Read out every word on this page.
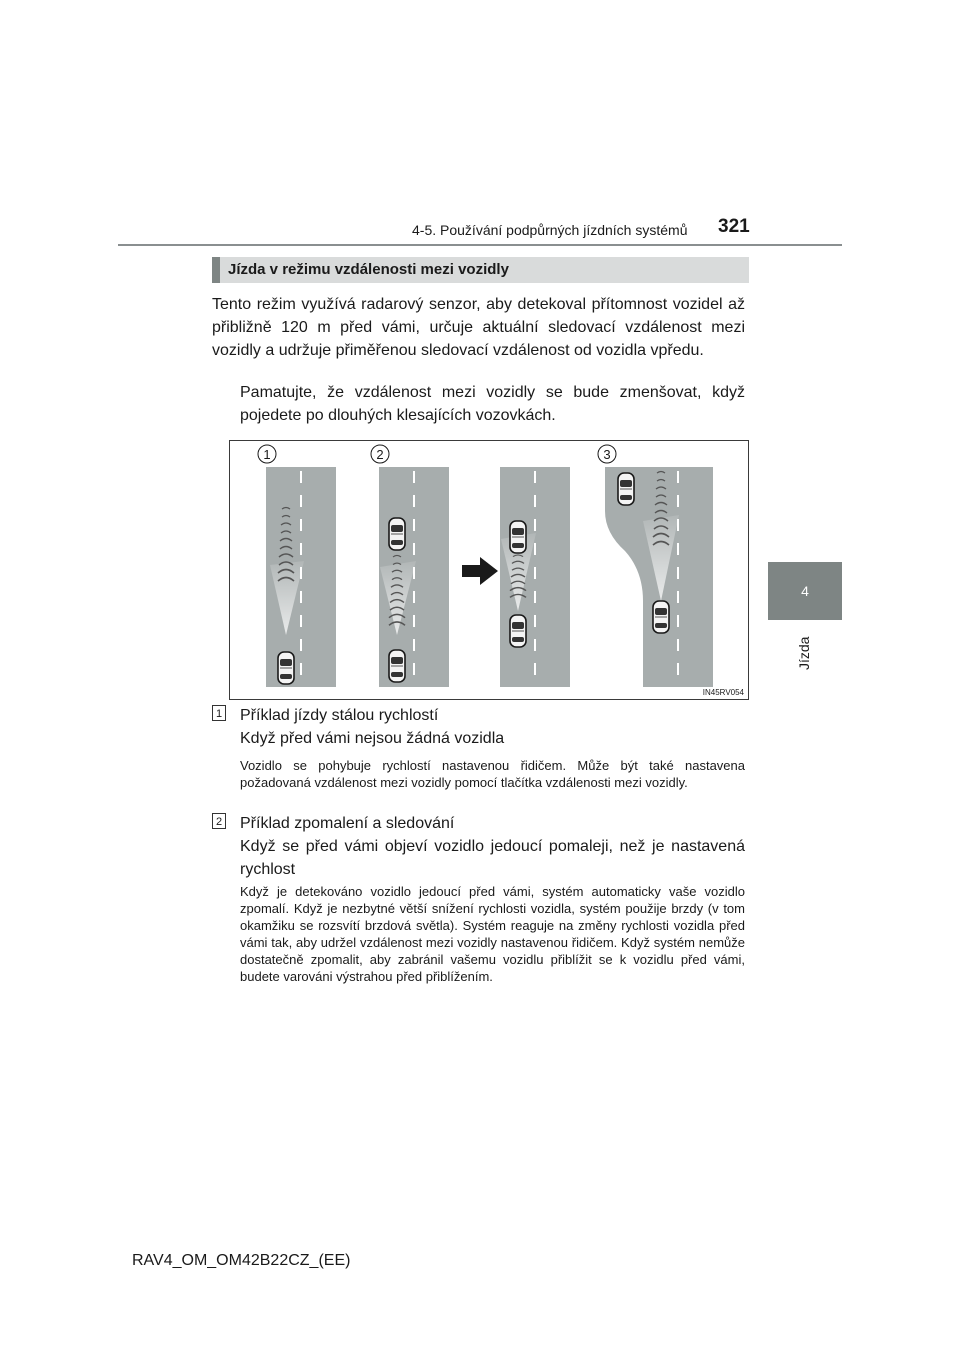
4-5. Používání podpůrných jízdních systémů 321
4
Jízda
Jízda v režimu vzdálenosti mezi vozidly
Tento režim využívá radarový senzor, aby detekoval přítomnost vozidel až přibližně 120 m před vámi, určuje aktuální sledovací vzdálenost mezi vozidly a udržuje přiměřenou sledovací vzdálenost od vozidla vpředu.
Pamatujte, že vzdálenost mezi vozidly se bude zmenšovat, když pojedete po dlouhých klesajících vozovkách.
1	2	3
IN45RV054
1 Příklad jízdy stálou rychlostí
Když před vámi nejsou žádná vozidla
Vozidlo se pohybuje rychlostí nastavenou řidičem. Může být také nastavena požadovaná vzdálenost mezi vozidly pomocí tlačítka vzdálenosti mezi vozidly.
2 Příklad zpomalení a sledování
Když se před vámi objeví vozidlo jedoucí pomaleji, než je nastavená rychlost
Když je detekováno vozidlo jedoucí před vámi, systém automaticky vaše vozidlo zpomalí. Když je nezbytné větší snížení rychlosti vozidla, systém použije brzdy (v tom okamžiku se rozsvítí brzdová světla). Systém reaguje na změny rychlosti vozidla před vámi tak, aby udržel vzdálenost mezi vozidly nastavenou řidičem. Když systém nemůže dostatečně zpomalit, aby zabránil vašemu vozidlu přiblížit se k vozidlu před vámi, budete varováni výstrahou před přiblížením.
RAV4_OM_OM42B22CZ_(EE)
